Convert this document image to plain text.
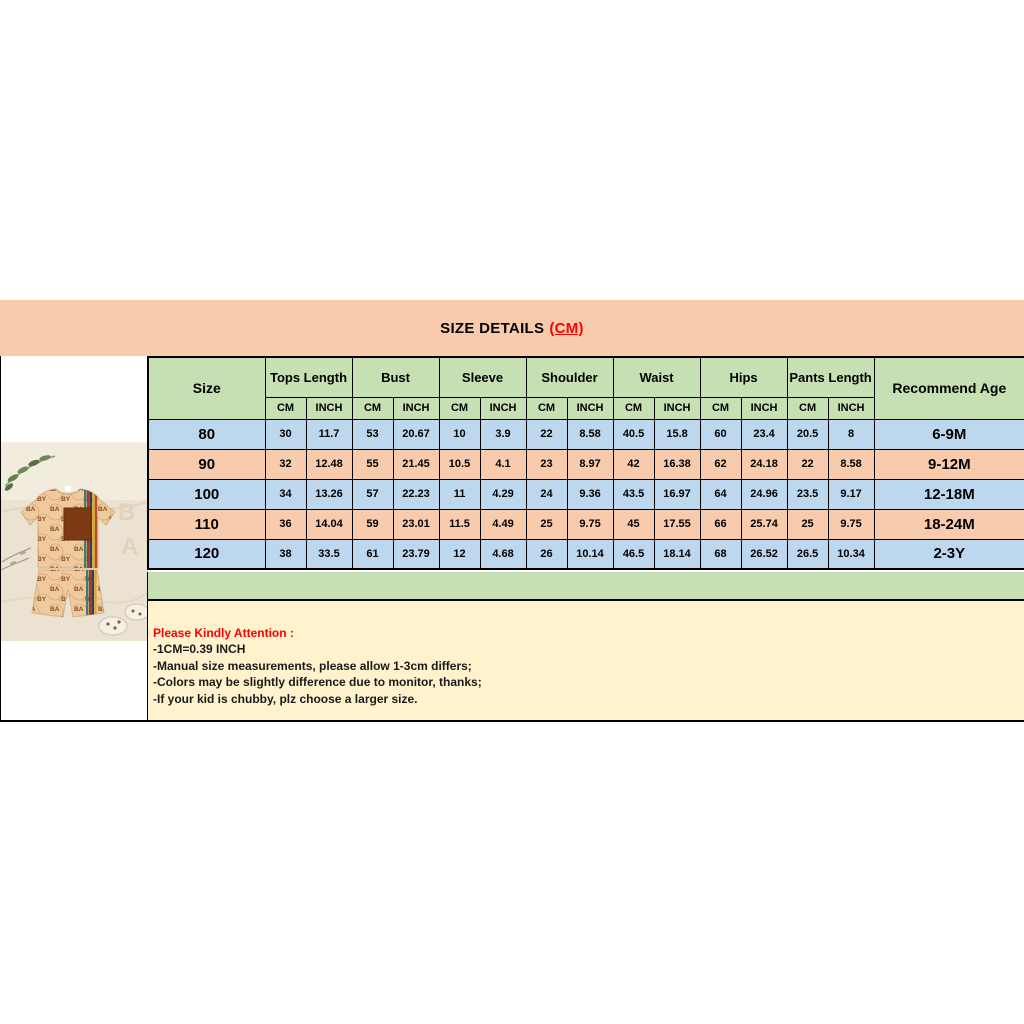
SIZE DETAILS (CM)
B
A
Size	Tops Length		Bust		Sleeve		Shoulder		Waist		Hips		Pants Length		Recommend Age
	CM	INCH	CM	INCH	CM	INCH	CM	INCH	CM	INCH	CM	INCH	CM	INCH	
80	30	11.7	53	20.67	10	3.9	22	8.58	40.5	15.8	60	23.4	20.5	8	6-9M
90	32	12.48	55	21.45	10.5	4.1	23	8.97	42	16.38	62	24.18	22	8.58	9-12M
100	34	13.26	57	22.23	11	4.29	24	9.36	43.5	16.97	64	24.96	23.5	9.17	12-18M
110	36	14.04	59	23.01	11.5	4.49	25	9.75	45	17.55	66	25.74	25	9.75	18-24M
120	38	33.5	61	23.79	12	4.68	26	10.14	46.5	18.14	68	26.52	26.5	10.34	2-3Y
Please Kindly Attention :
-1CM=0.39 INCH
-Manual size measurements, please allow 1-3cm differs;
-Colors may be slightly difference due to monitor, thanks;
-If your kid is chubby, plz choose a larger size.
